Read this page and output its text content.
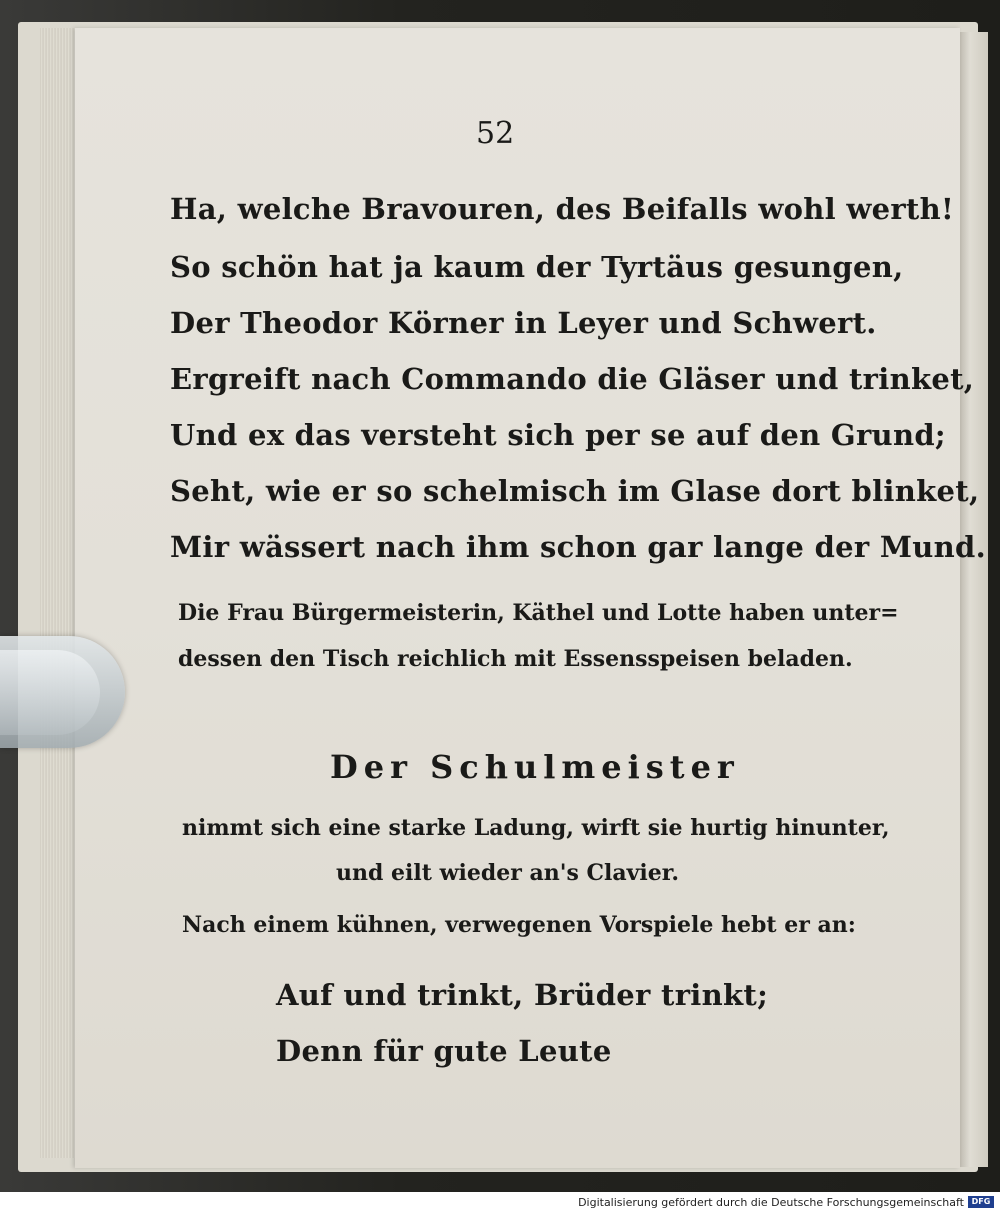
52
Ha, welche Bravouren, des Beifalls wohl werth!
So schön hat ja kaum der Tyrtäus gesungen,
Der Theodor Körner in Leyer und Schwert.
Ergreift nach Commando die Gläser und trinket,
Und ex das versteht sich per se auf den Grund;
Seht, wie er so schelmisch im Glase dort blinket,
Mir wässert nach ihm schon gar lange der Mund.
Die Frau Bürgermeisterin, Käthel und Lotte haben unter=
dessen den Tisch reichlich mit Essensspeisen beladen.
Der Schulmeister
nimmt sich eine starke Ladung, wirft sie hurtig hinunter,
und eilt wieder an's Clavier.
Nach einem kühnen, verwegenen Vorspiele hebt er an:
Auf und trinkt, Brüder trinkt;
Denn für gute Leute
Digitalisierung gefördert durch die Deutsche Forschungsgemeinschaft DFG
